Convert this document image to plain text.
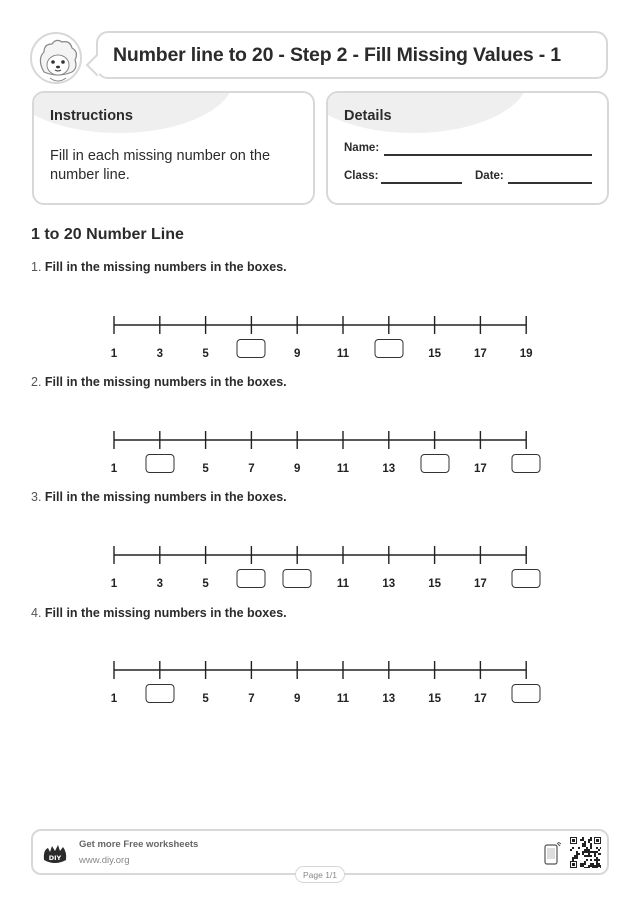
Number line to 20 - Step 2 - Fill Missing Values - 1
Instructions
Fill in each missing number on the number line.
Details
Name:
Class:	Date:
1 to 20 Number Line
1. Fill in the missing numbers in the boxes.
2. Fill in the missing numbers in the boxes.
3. Fill in the missing numbers in the boxes.
4. Fill in the missing numbers in the boxes.
1	3	5	9	11	15	17	19
1	5	7	9	11	13	17
1	3	5	11	13	15	17
1	5	7	9	11	13	15	17
DIY
Get more Free worksheets
www.diy.org
Page 1/1
